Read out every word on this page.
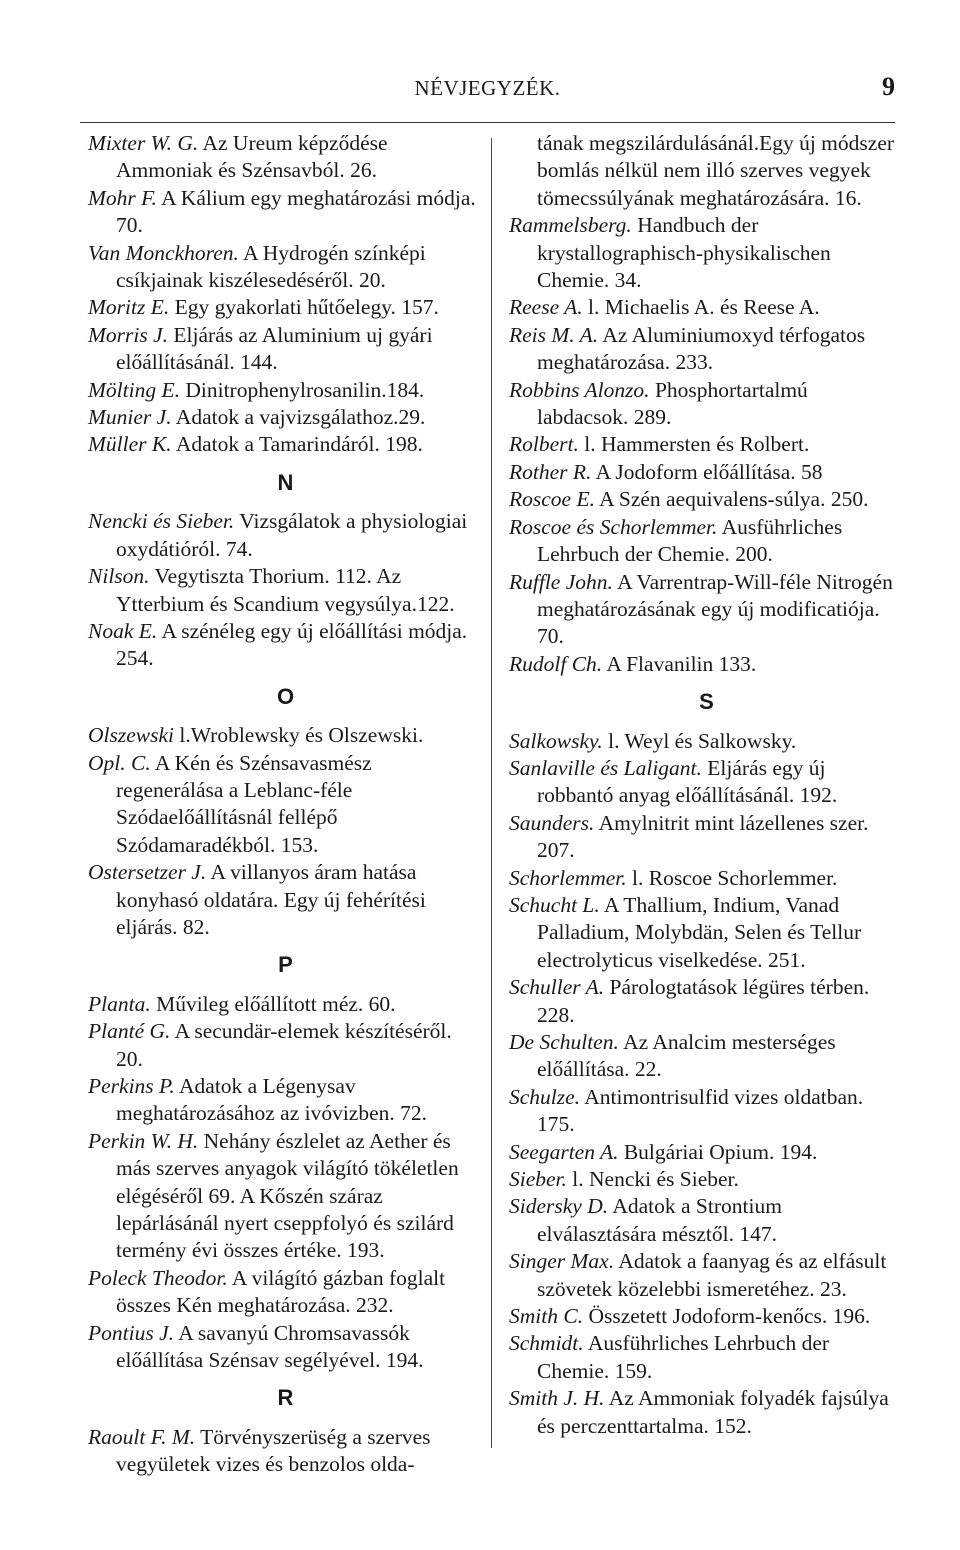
NÉVJEGYZÉK.	9

Mixter W. G. Az Ureum képződése Ammoniak és Szénsavból. 26.

Mohr F. A Kálium egy meghatározási módja. 70.

Van Monckhoren. A Hydrogén színképi csíkjainak kiszélesedéséről. 20.

Moritz E. Egy gyakorlati hűtőelegy. 157.

Morris J. Eljárás az Aluminium uj gyári előállításánál. 144.

Mölting E. Dinitrophenylrosanilin.184.

Munier J. Adatok a vajvizsgálathoz.29.

Müller K. Adatok a Tamarindáról. 198.

N

Nencki és Sieber. Vizsgálatok a physiologiai oxydátióról. 74.

Nilson. Vegytiszta Thorium. 112. Az Ytterbium és Scandium vegysúlya.122.

Noak E. A szénéleg egy új előállítási módja. 254.

O

Olszewski l.Wroblewsky és Olszewski.

Opl. C. A Kén és Szénsavasmész regenerálása a Leblanc-féle Szódaelőállításnál fellépő Szódamaradékból. 153.

Ostersetzer J. A villanyos áram hatása konyhasó oldatára. Egy új fehérítési eljárás. 82.

P

Planta. Művileg előállított méz. 60.

Planté G. A secundär-elemek készítéséről. 20.

Perkins P. Adatok a Légenysav meghatározásához az ivóvizben. 72.

Perkin W. H. Nehány észlelet az Aether és más szerves anyagok világító tökéletlen elégéséről 69. A Kőszén száraz lepárlásánál nyert cseppfolyó és szilárd termény évi összes értéke. 193.

Poleck Theodor. A világító gázban foglalt összes Kén meghatározása. 232.

Pontius J. A savanyú Chromsavassók előállítása Szénsav segélyével. 194.

R

Raoult F. M. Törvényszerüség a szerves vegyületek vizes és benzolos olda-

tának megszilárdulásánál.Egy új módszer bomlás nélkül nem illó szerves vegyek tömecssúlyának meghatározására. 16.

Rammelsberg. Handbuch der krystallographisch-physikalischen Chemie. 34.

Reese A. l. Michaelis A. és Reese A.

Reis M. A. Az Aluminiumoxyd térfogatos meghatározása. 233.

Robbins Alonzo. Phosphortartalmú labdacsok. 289.

Rolbert. l. Hammersten és Rolbert.

Rother R. A Jodoform előállítása. 58

Roscoe E. A Szén aequivalens-súlya. 250.

Roscoe és Schorlemmer. Ausführliches Lehrbuch der Chemie. 200.

Ruffle John. A Varrentrap-Will-féle Nitrogén meghatározásának egy új modificatiója. 70.

Rudolf Ch. A Flavanilin 133.

S

Salkowsky. l. Weyl és Salkowsky.

Sanlaville és Laligant. Eljárás egy új robbantó anyag előállításánál. 192.

Saunders. Amylnitrit mint lázellenes szer. 207.

Schorlemmer. l. Roscoe Schorlemmer.

Schucht L. A Thallium, Indium, Vanad Palladium, Molybdän, Selen és Tellur electrolyticus viselkedése. 251.

Schuller A. Párologtatások légüres térben. 228.

De Schulten. Az Analcim mesterséges előállítása. 22.

Schulze. Antimontrisulfid vizes oldatban. 175.

Seegarten A. Bulgáriai Opium. 194.

Sieber. l. Nencki és Sieber.

Sidersky D. Adatok a Strontium elválasztására mésztől. 147.

Singer Max. Adatok a faanyag és az elfásult szövetek közelebbi ismeretéhez. 23.

Smith C. Összetett Jodoform-kenőcs. 196.

Schmidt. Ausführliches Lehrbuch der Chemie. 159.

Smith J. H. Az Ammoniak folyadék fajsúlya és perczenttartalma. 152.
